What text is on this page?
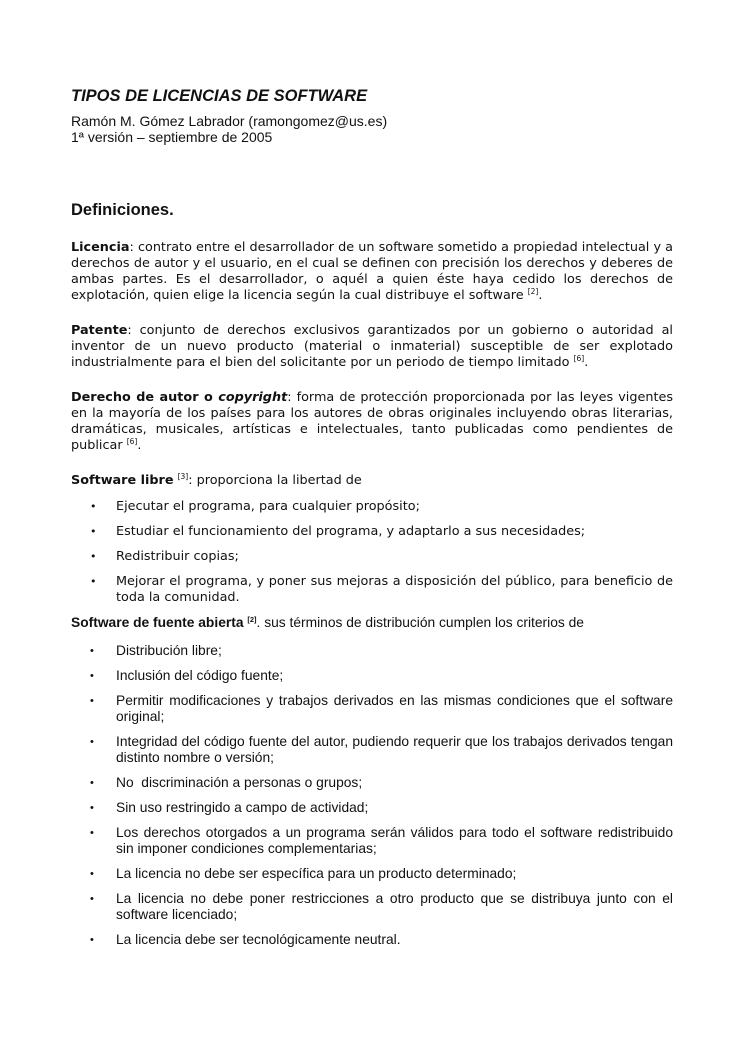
TIPOS DE LICENCIAS DE SOFTWARE
Ramón M. Gómez Labrador (ramongomez@us.es)
1ª versión – septiembre de 2005
Definiciones.

Licencia: contrato entre el desarrollador de un software sometido a propiedad intelectual y a derechos de autor y el usuario, en el cual se definen con precisión los derechos y deberes de ambas partes. Es el desarrollador, o aquél a quien éste haya cedido los derechos de explotación, quien elige la licencia según la cual distribuye el software [2].

Patente: conjunto de derechos exclusivos garantizados por un gobierno o autoridad al inventor de un nuevo producto (material o inmaterial) susceptible de ser explotado industrialmente para el bien del solicitante por un periodo de tiempo limitado [6].

Derecho de autor o copyright: forma de protección proporcionada por las leyes vigentes en la mayoría de los países para los autores de obras originales incluyendo obras literarias, dramáticas, musicales, artísticas e intelectuales, tanto publicadas como pendientes de publicar [6].

Software libre [3]: proporciona la libertad de

• Ejecutar el programa, para cualquier propósito;
• Estudiar el funcionamiento del programa, y adaptarlo a sus necesidades;
• Redistribuir copias;
• Mejorar el programa, y poner sus mejoras a disposición del público, para beneficio de toda la comunidad.

Software de fuente abierta [2]. sus términos de distribución cumplen los criterios de

• Distribución libre;
• Inclusión del código fuente;
• Permitir modificaciones y trabajos derivados en las mismas condiciones que el software original;
• Integridad del código fuente del autor, pudiendo requerir que los trabajos derivados tengan distinto nombre o versión;
• No  discriminación a personas o grupos;
• Sin uso restringido a campo de actividad;
• Los derechos otorgados a un programa serán válidos para todo el software redistribuido sin imponer condiciones complementarias;
• La licencia no debe ser específica para un producto determinado;
• La licencia no debe poner restricciones a otro producto que se distribuya junto con el software licenciado;
• La licencia debe ser tecnológicamente neutral.
